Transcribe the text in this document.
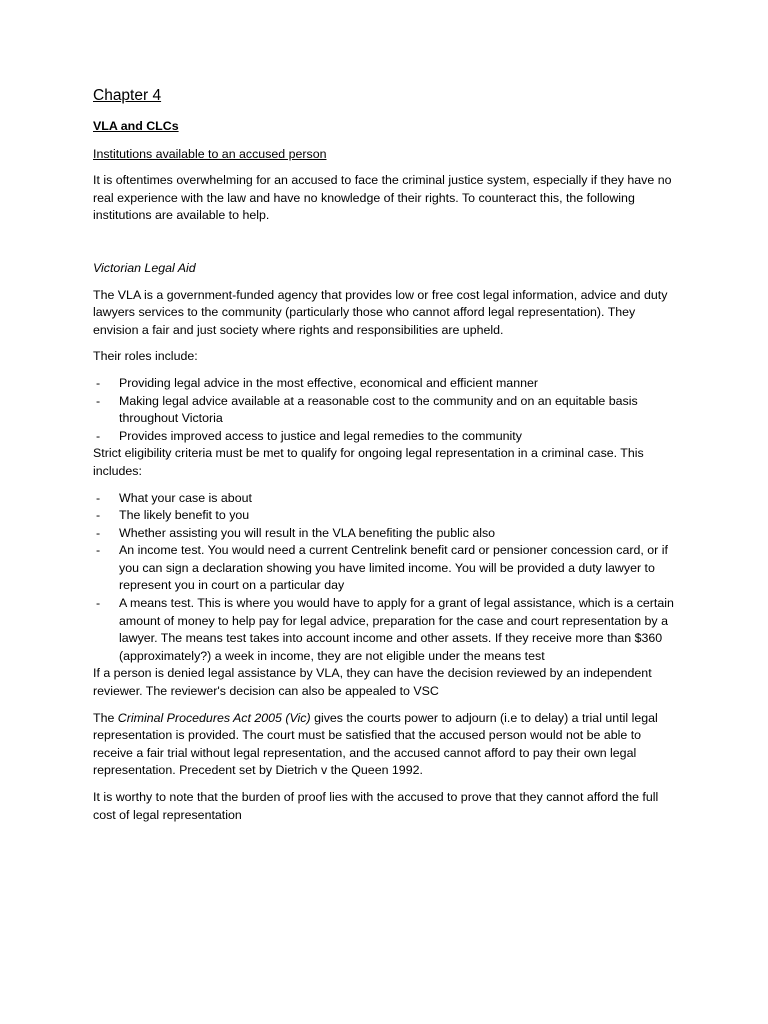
Chapter 4

VLA and CLCs

Institutions available to an accused person

It is oftentimes overwhelming for an accused to face the criminal justice system, especially if they have no real experience with the law and have no knowledge of their rights. To counteract this, the following institutions are available to help.

Victorian Legal Aid

The VLA is a government-funded agency that provides low or free cost legal information, advice and duty lawyers services to the community (particularly those who cannot afford legal representation). They envision a fair and just society where rights and responsibilities are upheld.

Their roles include:

- Providing legal advice in the most effective, economical and efficient manner
- Making legal advice available at a reasonable cost to the community and on an equitable basis throughout Victoria
- Provides improved access to justice and legal remedies to the community

Strict eligibility criteria must be met to qualify for ongoing legal representation in a criminal case. This includes:

- What your case is about
- The likely benefit to you
- Whether assisting you will result in the VLA benefiting the public also
- An income test. You would need a current Centrelink benefit card or pensioner concession card, or if you can sign a declaration showing you have limited income. You will be provided a duty lawyer to represent you in court on a particular day
- A means test. This is where you would have to apply for a grant of legal assistance, which is a certain amount of money to help pay for legal advice, preparation for the case and court representation by a lawyer. The means test takes into account income and other assets. If they receive more than $360 (approximately?) a week in income, they are not eligible under the means test

If a person is denied legal assistance by VLA, they can have the decision reviewed by an independent reviewer. The reviewer's decision can also be appealed to VSC

The Criminal Procedures Act 2005 (Vic) gives the courts power to adjourn (i.e to delay) a trial until legal representation is provided. The court must be satisfied that the accused person would not be able to receive a fair trial without legal representation, and the accused cannot afford to pay their own legal representation. Precedent set by Dietrich v the Queen 1992.

It is worthy to note that the burden of proof lies with the accused to prove that they cannot afford the full cost of legal representation
